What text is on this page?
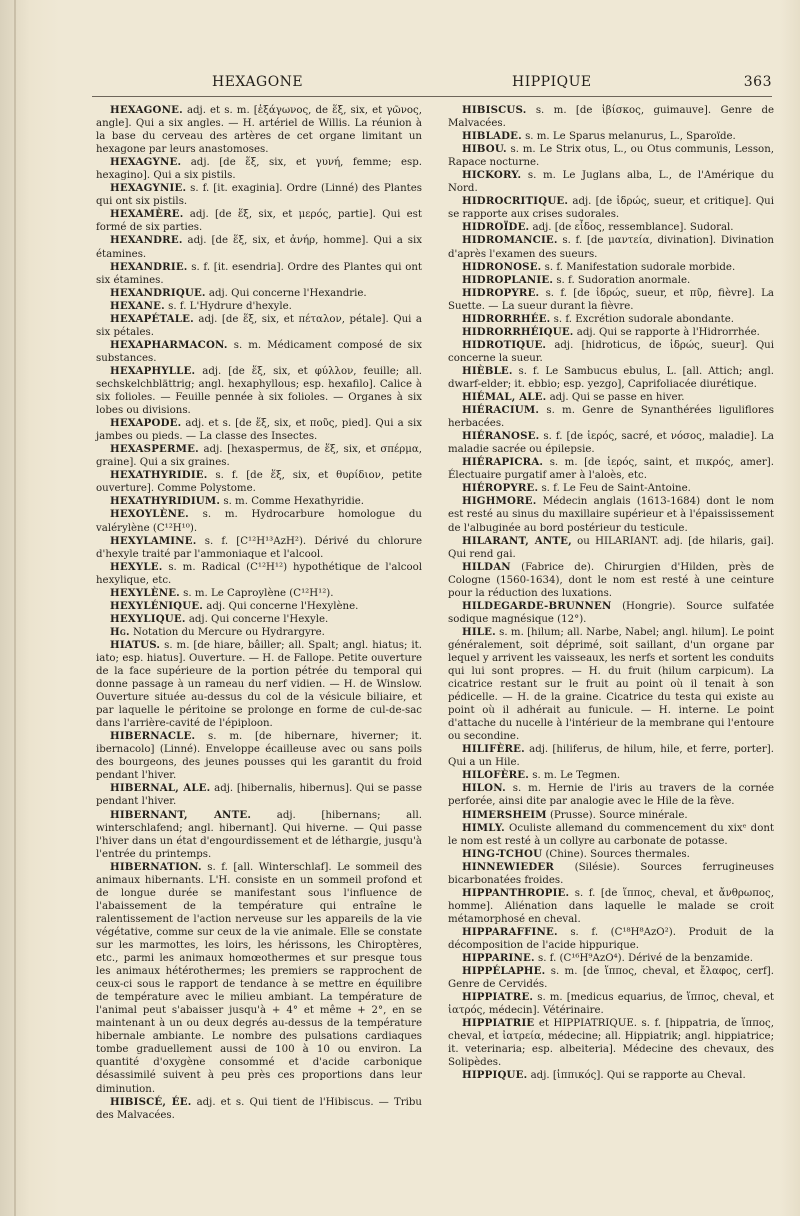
HEXAGONE	HIPPIQUE	363

HEXAGONE. adj. et s. m. [ἑξάγωνος, de ἕξ, six, et γῶνος, angle]. Qui a six angles. — H. artériel de Willis. La réunion à la base du cerveau des artères de cet organe limitant un hexagone par leurs anastomoses.

HEXAGYNE. adj. [de ἕξ, six, et γυνή, femme; esp. hexagino]. Qui a six pistils.

HEXAGYNIE. s. f. [it. exaginia]. Ordre (Linné) des Plantes qui ont six pistils.

HEXAMÈRE. adj. [de ἕξ, six, et μερός, partie]. Qui est formé de six parties.

HEXANDRE. adj. [de ἕξ, six, et ἀνήρ, homme]. Qui a six étamines.

HEXANDRIE. s. f. [it. esendria]. Ordre des Plantes qui ont six étamines.

HEXANDRIQUE. adj. Qui concerne l'Hexandrie.

HEXANE. s. f. L'Hydrure d'hexyle.

HEXAPÉTALE. adj. [de ἕξ, six, et πέταλον, pétale]. Qui a six pétales.

HEXAPHARMACON. s. m. Médicament composé de six substances.

HEXAPHYLLE. adj. [de ἕξ, six, et φύλλον, feuille; all. sechskelchblättrig; angl. hexaphyllous; esp. hexafilo]. Calice à six folioles. — Feuille pennée à six folioles. — Organes à six lobes ou divisions.

HEXAPODE. adj. et s. [de ἕξ, six, et ποῦς, pied]. Qui a six jambes ou pieds. — La classe des Insectes.

HEXASPERME. adj. [hexaspermus, de ἕξ, six, et σπέρμα, graine]. Qui a six graines.

HEXATHYRIDIE. s. f. [de ἕξ, six, et θυρίδιον, petite ouverture]. Comme Polystome.

HEXATHYRIDIUM. s. m. Comme Hexathyridie.

HEXOYLÈNE. s. m. Hydrocarbure homologue du valérylène (C¹²H¹⁰).

HEXYLAMINE. s. f. [C¹²H¹³AzH²). Dérivé du chlorure d'hexyle traité par l'ammoniaque et l'alcool.

HEXYLE. s. m. Radical (C¹²H¹²) hypothétique de l'alcool hexylique, etc.

HEXYLÈNE. s. m. Le Caproylène (C¹²H¹²).

HEXYLÉNIQUE. adj. Qui concerne l'Hexylène.

HEXYLIQUE. adj. Qui concerne l'Hexyle.

Hg. Notation du Mercure ou Hydrargyre.

HIATUS. s. m. [de hiare, bâiller; all. Spalt; angl. hiatus; it. iato; esp. hiatus]. Ouverture. — H. de Fallope. Petite ouverture de la face supérieure de la portion pétrée du temporal qui donne passage à un rameau du nerf vidien. — H. de Winslow. Ouverture située au-dessus du col de la vésicule biliaire, et par laquelle le péritoine se prolonge en forme de cul-de-sac dans l'arrière-cavité de l'épiploon.

HIBERNACLE. s. m. [de hibernare, hiverner; it. ibernacolo] (Linné). Enveloppe écailleuse avec ou sans poils des bourgeons, des jeunes pousses qui les garantit du froid pendant l'hiver.

HIBERNAL, ALE. adj. [hibernalis, hibernus]. Qui se passe pendant l'hiver.

HIBERNANT, ANTE. adj. [hibernans; all. winterschlafend; angl. hibernant]. Qui hiverne. — Qui passe l'hiver dans un état d'engourdissement et de léthargie, jusqu'à l'entrée du printemps.

HIBERNATION. s. f. [all. Winterschlaf]. Le sommeil des animaux hibernants. L'H. consiste en un sommeil profond et de longue durée se manifestant sous l'influence de l'abaissement de la température qui entraîne le ralentissement de l'action nerveuse sur les appareils de la vie végétative, comme sur ceux de la vie animale. Elle se constate sur les marmottes, les loirs, les hérissons, les Chiroptères, etc., parmi les animaux homœothermes et sur presque tous les animaux hétérothermes; les premiers se rapprochent de ceux-ci sous le rapport de tendance à se mettre en équilibre de température avec le milieu ambiant. La température de l'animal peut s'abaisser jusqu'à + 4° et même + 2°, en se maintenant à un ou deux degrés au-dessus de la température hibernale ambiante. Le nombre des pulsations cardiaques tombe graduellement aussi de 100 à 10 ou environ. La quantité d'oxygène consommé et d'acide carbonique désassimilé suivent à peu près ces proportions dans leur diminution.

HIBISCÉ, ÉE. adj. et s. Qui tient de l'Hibiscus. — Tribu des Malvacées.

HIBISCUS. s. m. [de ἱβίσκος, guimauve]. Genre de Malvacées.

HIBLADE. s. m. Le Sparus melanurus, L., Sparoïde.

HIBOU. s. m. Le Strix otus, L., ou Otus communis, Lesson, Rapace nocturne.

HICKORY. s. m. Le Juglans alba, L., de l'Amérique du Nord.

HIDROCRITIQUE. adj. [de ἱδρώς, sueur, et critique]. Qui se rapporte aux crises sudorales.

HIDROÏDE. adj. [de εἶδος, ressemblance]. Sudoral.

HIDROMANCIE. s. f. [de μαντεία, divination]. Divination d'après l'examen des sueurs.

HIDRONOSE. s. f. Manifestation sudorale morbide.

HIDROPLANIE. s. f. Sudoration anormale.

HIDROPYRE. s. f. [de ἱδρώς, sueur, et πῦρ, fièvre]. La Suette. — La sueur durant la fièvre.

HIDRORRHÉE. s. f. Excrétion sudorale abondante.

HIDRORRHÉIQUE. adj. Qui se rapporte à l'Hidrorrhée.

HIDROTIQUE. adj. [hidroticus, de ἱδρώς, sueur]. Qui concerne la sueur.

HIÈBLE. s. f. Le Sambucus ebulus, L. [all. Attich; angl. dwarf-elder; it. ebbio; esp. yezgo], Caprifoliacée diurétique.

HIÉMAL, ALE. adj. Qui se passe en hiver.

HIÉRACIUM. s. m. Genre de Synanthérées liguliflores herbacées.

HIÉRANOSE. s. f. [de ἱερός, sacré, et νόσος, maladie]. La maladie sacrée ou épilepsie.

HIÉRAPICRA. s. m. [de ἱερός, saint, et πικρός, amer]. Électuaire purgatif amer à l'aloès, etc.

HIÉROPYRE. s. f. Le Feu de Saint-Antoine.

HIGHMORE. Médecin anglais (1613-1684) dont le nom est resté au sinus du maxillaire supérieur et à l'épaississement de l'albuginée au bord postérieur du testicule.

HILARANT, ANTE, ou HILARIANT. adj. [de hilaris, gai]. Qui rend gai.

HILDAN (Fabrice de). Chirurgien d'Hilden, près de Cologne (1560-1634), dont le nom est resté à une ceinture pour la réduction des luxations.

HILDEGARDE-BRUNNEN (Hongrie). Source sulfatée sodique magnésique (12°).

HILE. s. m. [hilum; all. Narbe, Nabel; angl. hilum]. Le point généralement, soit déprimé, soit saillant, d'un organe par lequel y arrivent les vaisseaux, les nerfs et sortent les conduits qui lui sont propres. — H. du fruit (hilum carpicum). La cicatrice restant sur le fruit au point où il tenait à son pédicelle. — H. de la graine. Cicatrice du testa qui existe au point où il adhérait au funicule. — H. interne. Le point d'attache du nucelle à l'intérieur de la membrane qui l'entoure ou secondine.

HILIFÈRE. adj. [hiliferus, de hilum, hile, et ferre, porter]. Qui a un Hile.

HILOFÈRE. s. m. Le Tegmen.

HILON. s. m. Hernie de l'iris au travers de la cornée perforée, ainsi dite par analogie avec le Hile de la fève.

HIMERSHEIM (Prusse). Source minérale.

HIMLY. Oculiste allemand du commencement du xixᵉ dont le nom est resté à un collyre au carbonate de potasse.

HING-TCHOU (Chine). Sources thermales.

HINNEWIEDER (Silésie). Sources ferrugineuses bicarbonatées froides.

HIPPANTHROPIE. s. f. [de ἵππος, cheval, et ἄνθρωπος, homme]. Aliénation dans laquelle le malade se croit métamorphosé en cheval.

HIPPARAFFINE. s. f. (C¹⁸H⁸AzO²). Produit de la décomposition de l'acide hippurique.

HIPPARINE. s. f. (C¹⁶H⁹AzO⁴). Dérivé de la benzamide.

HIPPÉLAPHE. s. m. [de ἵππος, cheval, et ἔλαφος, cerf]. Genre de Cervidés.

HIPPIATRE. s. m. [medicus equarius, de ἵππος, cheval, et ἰατρός, médecin]. Vétérinaire.

HIPPIATRIE et HIPPIATRIQUE. s. f. [hippatria, de ἵππος, cheval, et ἰατρεία, médecine; all. Hippiatrik; angl. hippiatrice; it. veterinaria; esp. albeiteria]. Médecine des chevaux, des Solipèdes.

HIPPIQUE. adj. [ἱππικός]. Qui se rapporte au Cheval.
